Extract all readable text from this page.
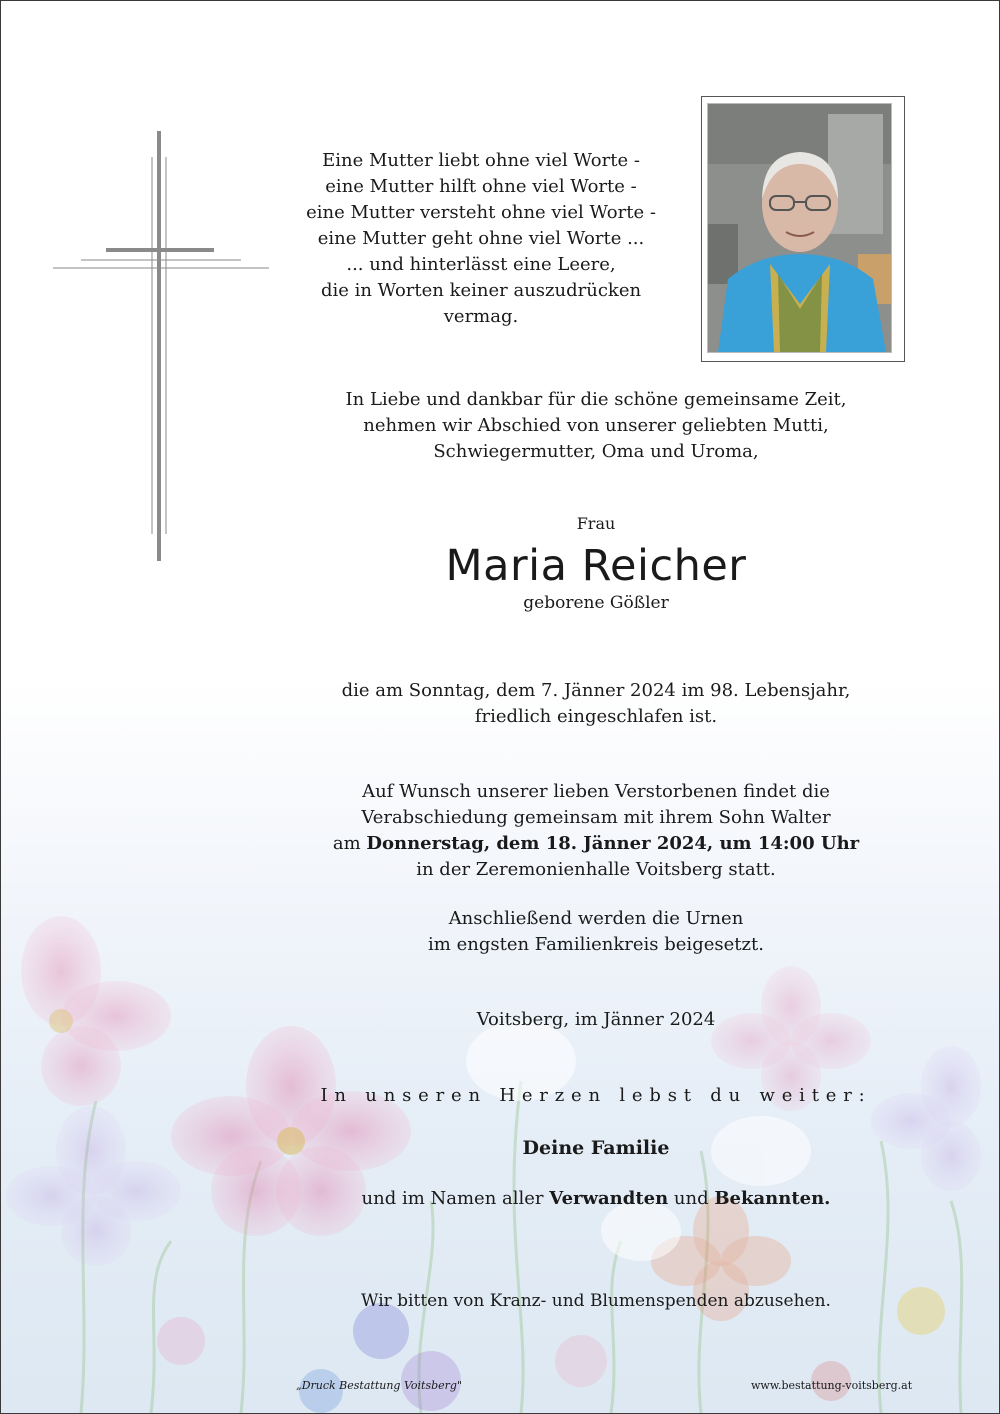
Eine Mutter liebt ohne viel Worte -
eine Mutter hilft ohne viel Worte -
eine Mutter versteht ohne viel Worte -
eine Mutter geht ohne viel Worte ...
... und hinterlässt eine Leere,
die in Worten keiner auszudrücken vermag.
In Liebe und dankbar für die schöne gemeinsame Zeit,
nehmen wir Abschied von unserer geliebten Mutti,
Schwiegermutter, Oma und Uroma,
Frau
Maria Reicher
geborene Gößler
die am Sonntag, dem 7. Jänner 2024 im 98. Lebensjahr,
friedlich eingeschlafen ist.
Auf Wunsch unserer lieben Verstorbenen findet die
Verabschiedung gemeinsam mit ihrem Sohn Walter
am Donnerstag, dem 18. Jänner 2024, um 14:00 Uhr
in der Zeremonienhalle Voitsberg statt.
Anschließend werden die Urnen
im engsten Familienkreis beigesetzt.
Voitsberg, im Jänner 2024
In unseren Herzen lebst du weiter:
Deine Familie
und im Namen aller Verwandten und Bekannten.
Wir bitten von Kranz- und Blumenspenden abzusehen.
„Druck Bestattung Voitsberg"	www.bestattung-voitsberg.at
